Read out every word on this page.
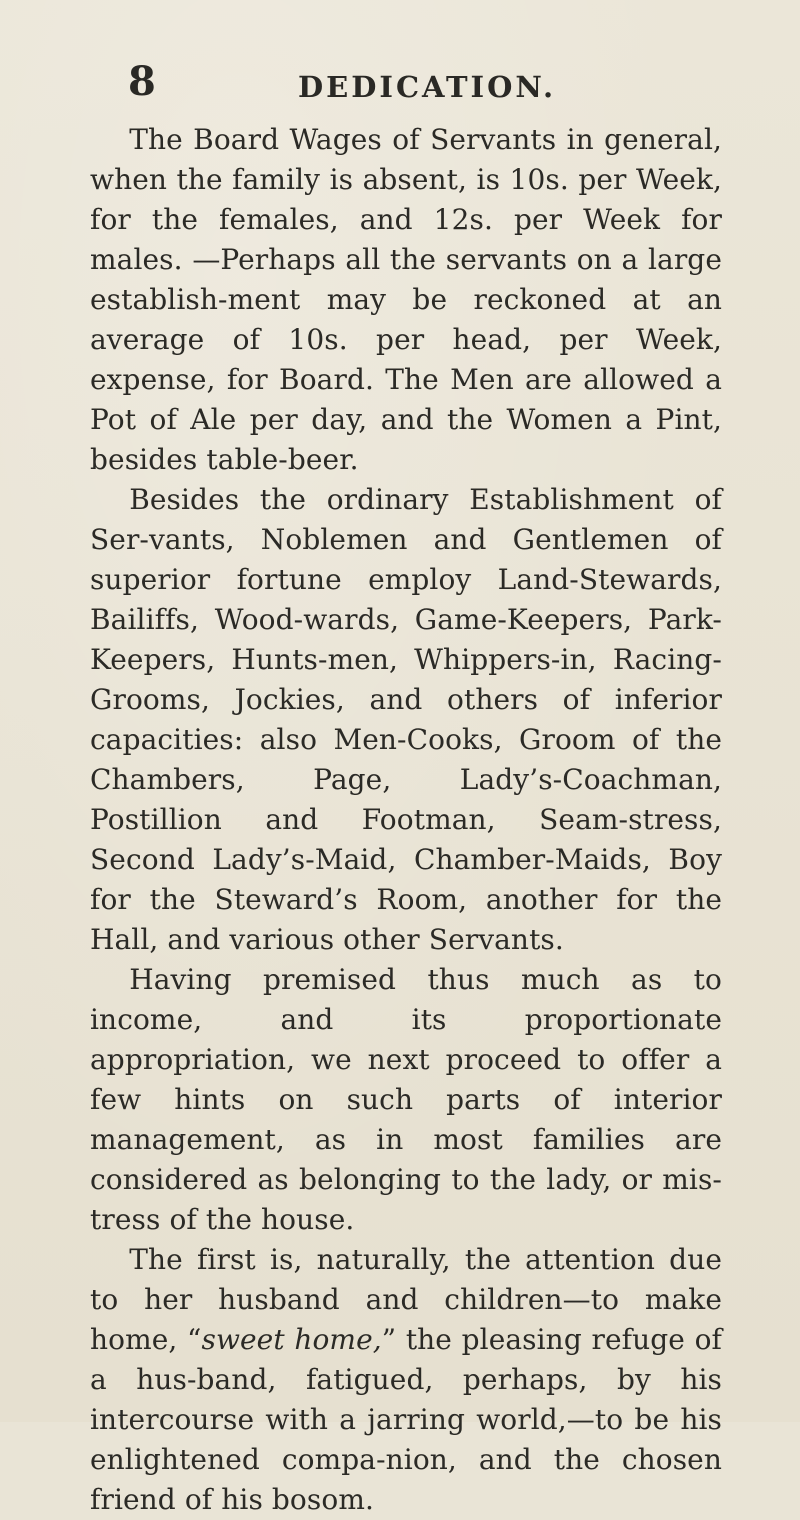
8	DEDICATION.

The Board Wages of Servants in general, when the family is absent, is 10s. per Week, for the females, and 12s. per Week for males. —Perhaps all the servants on a large establish-ment may be reckoned at an average of 10s. per head, per Week, expense, for Board. The Men are allowed a Pot of Ale per day, and the Women a Pint, besides table-beer.

Besides the ordinary Establishment of Ser-vants, Noblemen and Gentlemen of superior fortune employ Land-Stewards, Bailiffs, Wood-wards, Game-Keepers, Park-Keepers, Hunts-men, Whippers-in, Racing-Grooms, Jockies, and others of inferior capacities: also Men-Cooks, Groom of the Chambers, Page, Lady’s-Coachman, Postillion and Footman, Seam-stress, Second Lady’s-Maid, Chamber-Maids, Boy for the Steward’s Room, another for the Hall, and various other Servants.

Having premised thus much as to income, and its proportionate appropriation, we next proceed to offer a few hints on such parts of interior management, as in most families are considered as belonging to the lady, or mis-tress of the house.

The first is, naturally, the attention due to her husband and children—to make home, “sweet home,” the pleasing refuge of a hus-band, fatigued, perhaps, by his intercourse with a jarring world,—to be his enlightened compa-nion, and the chosen friend of his bosom.
